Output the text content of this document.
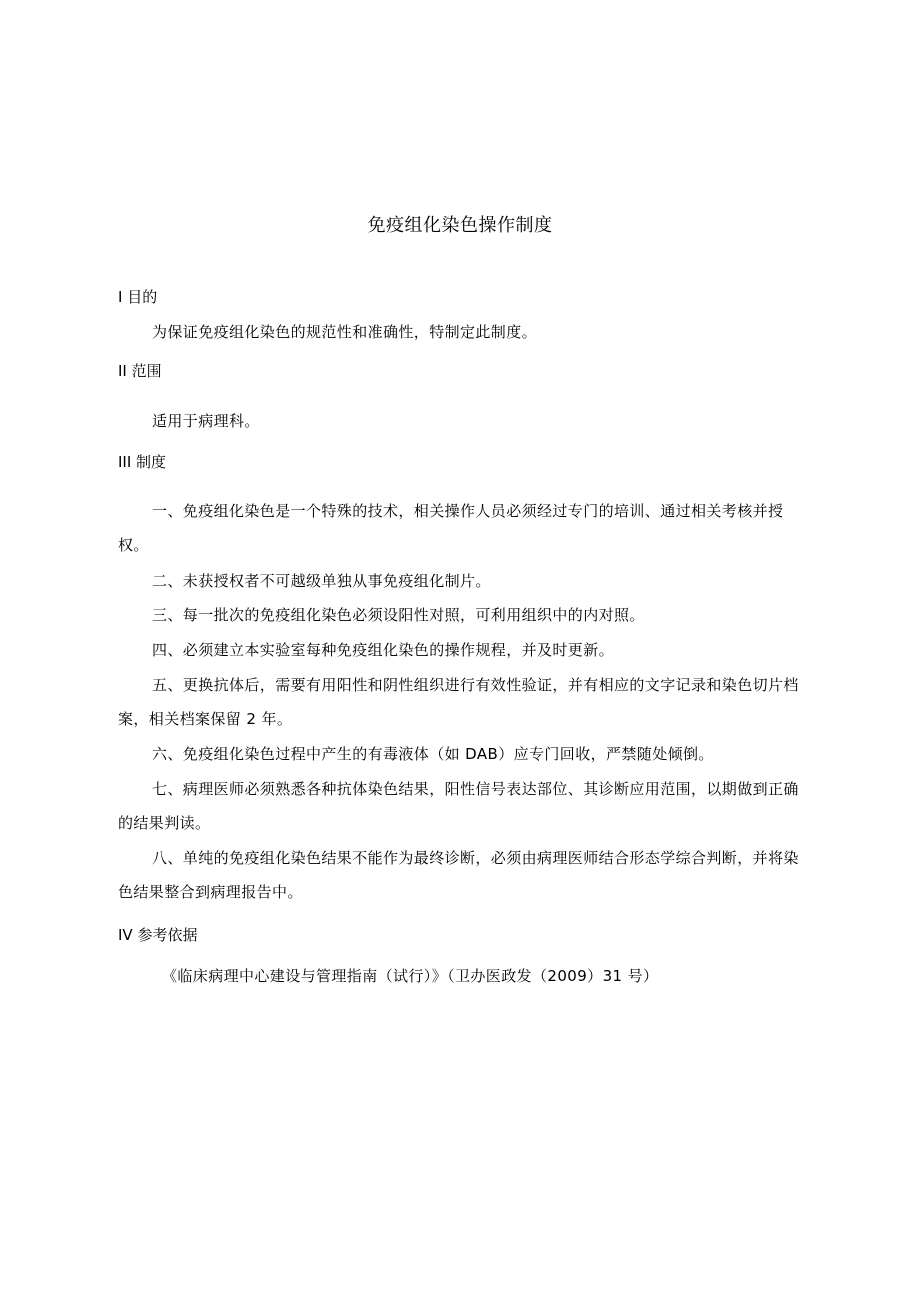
免疫组化染色操作制度
I 目的
为保证免疫组化染色的规范性和准确性，特制定此制度。
II 范围
适用于病理科。
III 制度
一、免疫组化染色是一个特殊的技术，相关操作人员必须经过专门的培训、通过相关考核并授权。
二、未获授权者不可越级单独从事免疫组化制片。
三、每一批次的免疫组化染色必须设阳性对照，可利用组织中的内对照。
四、必须建立本实验室每种免疫组化染色的操作规程，并及时更新。
五、更换抗体后，需要有用阳性和阴性组织进行有效性验证，并有相应的文字记录和染色切片档案，相关档案保留 2 年。
六、免疫组化染色过程中产生的有毒液体（如 DAB）应专门回收，严禁随处倾倒。
七、病理医师必须熟悉各种抗体染色结果，阳性信号表达部位、其诊断应用范围，以期做到正确的结果判读。
八、单纯的免疫组化染色结果不能作为最终诊断，必须由病理医师结合形态学综合判断，并将染色结果整合到病理报告中。
IV 参考依据
《临床病理中心建设与管理指南（试行）》（卫办医政发（2009）31 号）
